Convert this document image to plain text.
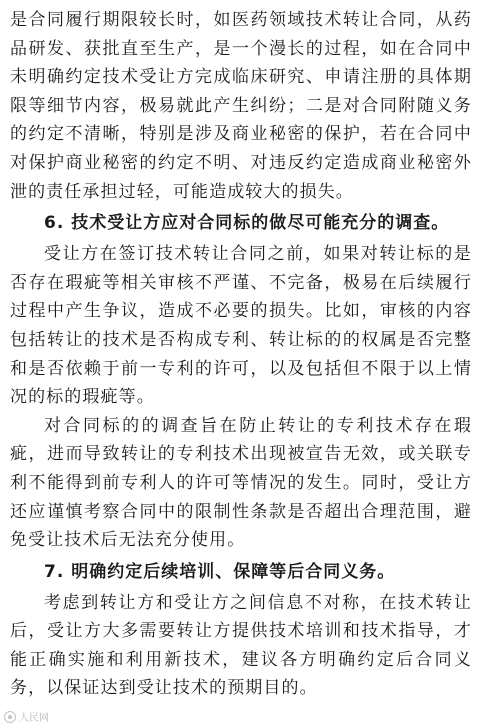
是合同履行期限较长时，如医药领域技术转让合同，从药品研发、获批直至生产，是一个漫长的过程，如在合同中未明确约定技术受让方完成临床研究、申请注册的具体期限等细节内容，极易就此产生纠纷；二是对合同附随义务的约定不清晰，特别是涉及商业秘密的保护，若在合同中对保护商业秘密的约定不明、对违反约定造成商业秘密外泄的责任承担过轻，可能造成较大的损失。

6. 技术受让方应对合同标的做尽可能充分的调查。

受让方在签订技术转让合同之前，如果对转让标的是否存在瑕疵等相关审核不严谨、不完备，极易在后续履行过程中产生争议，造成不必要的损失。比如，审核的内容包括转让的技术是否构成专利、转让标的的权属是否完整和是否依赖于前一专利的许可，以及包括但不限于以上情况的标的瑕疵等。

对合同标的的调查旨在防止转让的专利技术存在瑕疵，进而导致转让的专利技术出现被宣告无效，或关联专利不能得到前专利人的许可等情况的发生。同时，受让方还应谨慎考察合同中的限制性条款是否超出合理范围，避免受让技术后无法充分使用。

7. 明确约定后续培训、保障等后合同义务。

考虑到转让方和受让方之间信息不对称，在技术转让后，受让方大多需要转让方提供技术培训和技术指导，才能正确实施和利用新技术，建议各方明确约定后合同义务，以保证达到受让技术的预期目的。

人民网
